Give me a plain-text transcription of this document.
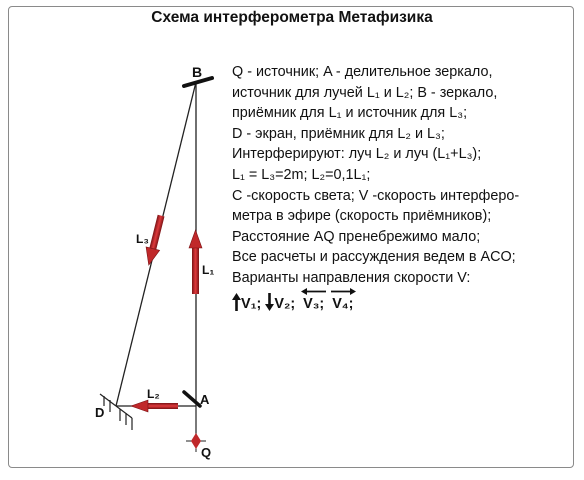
Схема интерферометра Метафизика
B
A
D
Q
L₁
L₂
L₃
Q - источник; A - делительное зеркало,
источник для лучей L₁ и L₂; B - зеркало,
приёмник для L₁ и источник для L₃;
D - экран, приёмник для L₂ и L₃;
Интерферируют: луч L₂ и луч (L₁+L₃);
L₁ = L₃=2m; L₂=0,1L₁;
C -скорость света; V -скорость интерферо-
метра в эфире (скорость приёмников);
Расстояние AQ пренебрежимо мало;
Все расчеты и рассуждения ведем в ACO;
Варианты направления скорости V:
V₁; V₂; V₃; V₄;
